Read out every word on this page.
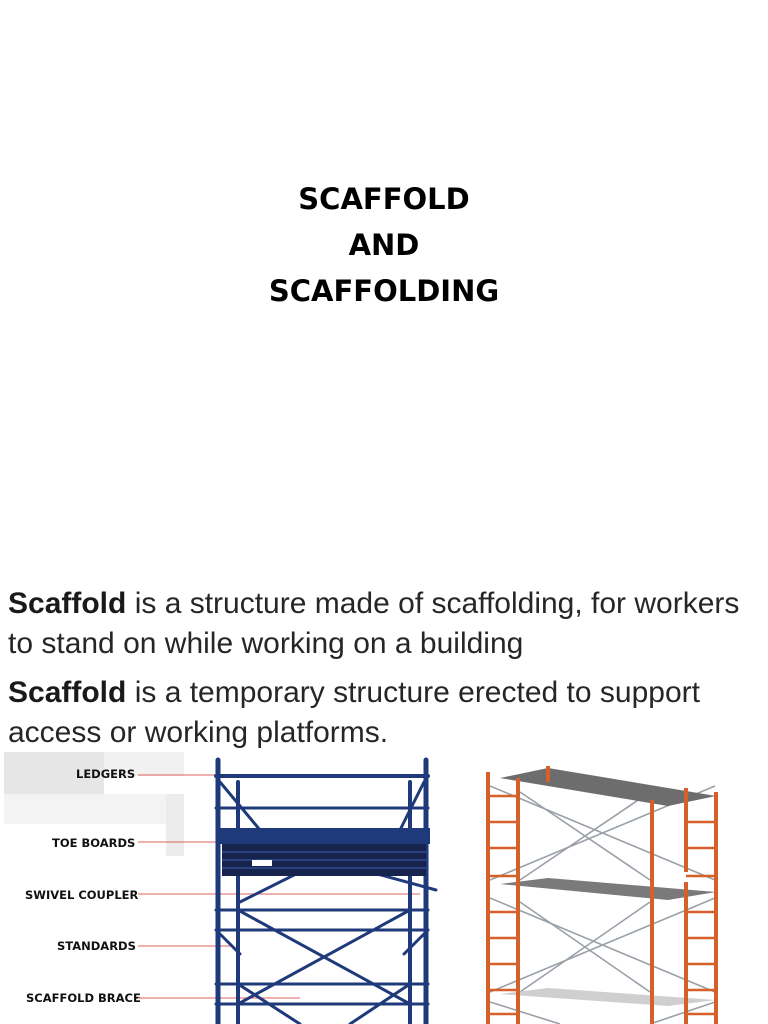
SCAFFOLD
AND
SCAFFOLDING
Scaffold is a structure made of scaffolding, for workers to stand on while working on a building
Scaffold is a temporary structure erected to support access or working platforms.
LEDGERS
TOE BOARDS
SWIVEL COUPLER
STANDARDS
SCAFFOLD BRACE
